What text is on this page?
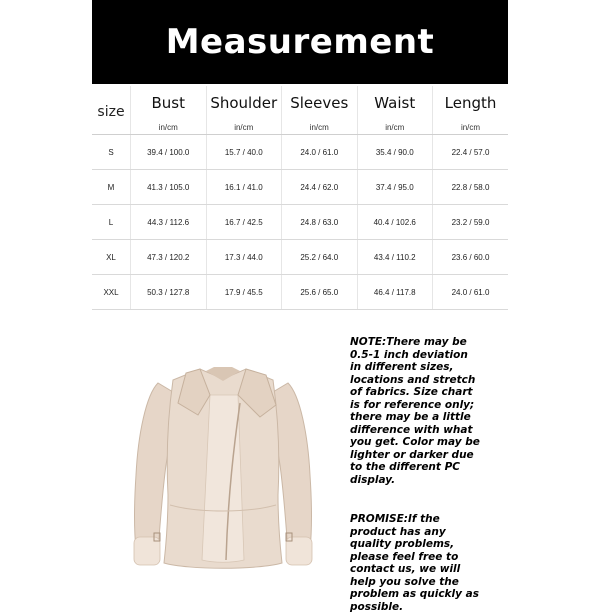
Measurement
size	Bust	Shoulder	Sleeves	Waist	Length
	in/cm	in/cm	in/cm	in/cm	in/cm
S	39.4 / 100.0	15.7 / 40.0	24.0 / 61.0	35.4 / 90.0	22.4 / 57.0
M	41.3 / 105.0	16.1 / 41.0	24.4 / 62.0	37.4 / 95.0	22.8 / 58.0
L	44.3 / 112.6	16.7 / 42.5	24.8 / 63.0	40.4 / 102.6	23.2 / 59.0
XL	47.3 / 120.2	17.3 / 44.0	25.2 / 64.0	43.4 / 110.2	23.6 / 60.0
XXL	50.3 / 127.8	17.9 / 45.5	25.6 / 65.0	46.4 / 117.8	24.0 / 61.0

NOTE:There may be 0.5-1 inch deviation in different sizes, locations and stretch of fabrics. Size chart is for reference only; there may be a little difference with what you get. Color may be lighter or darker due to the different PC display.

PROMISE:If the product has any quality problems, please feel free to contact us, we will help you solve the problem as quickly as possible.
